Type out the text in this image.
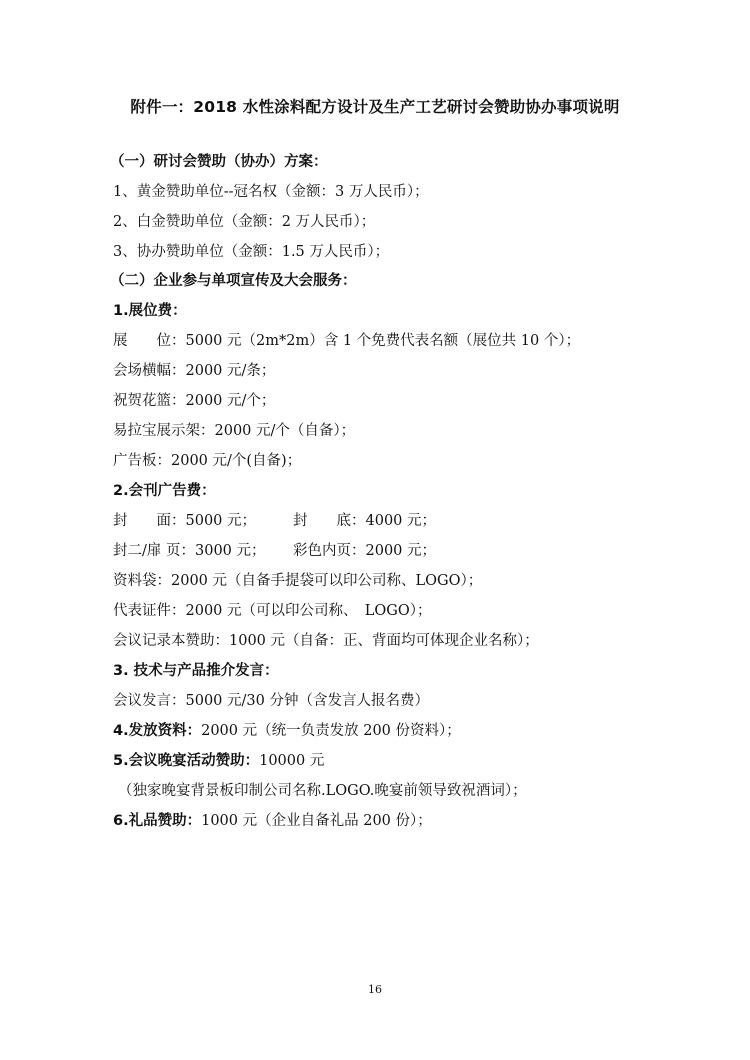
附件一：2018 水性涂料配方设计及生产工艺研讨会赞助协办事项说明
（一）研讨会赞助（协办）方案：
1、黄金赞助单位--冠名权（金额：3 万人民币）；
2、白金赞助单位（金额：2 万人民币）；
3、协办赞助单位（金额：1.5 万人民币）；
（二）企业参与单项宣传及大会服务：
1.展位费：
展　　位：5000 元（2m*2m）含 1 个免费代表名额（展位共 10 个）；
会场横幅：2000 元/条；
祝贺花篮：2000 元/个；
易拉宝展示架：2000 元/个（自备）；
广告板：2000 元/个(自备)；
2.会刊广告费：
封　　面：5000 元；	封　　底：4000 元；
封二/扉 页：3000 元； 彩色内页：2000 元；
资料袋：2000 元（自备手提袋可以印公司称、LOGO）；
代表证件：2000 元（可以印公司称、　LOGO）；
会议记录本赞助：1000 元（自备：正、背面均可体现企业名称）；
3. 技术与产品推介发言：
会议发言：5000 元/30 分钟（含发言人报名费）
4.发放资料：2000 元（统一负责发放 200 份资料）；
5.会议晚宴活动赞助：10000 元
（独家晚宴背景板印制公司名称.LOGO.晚宴前领导致祝酒词）；
6.礼品赞助：1000 元（企业自备礼品 200 份）；
16
